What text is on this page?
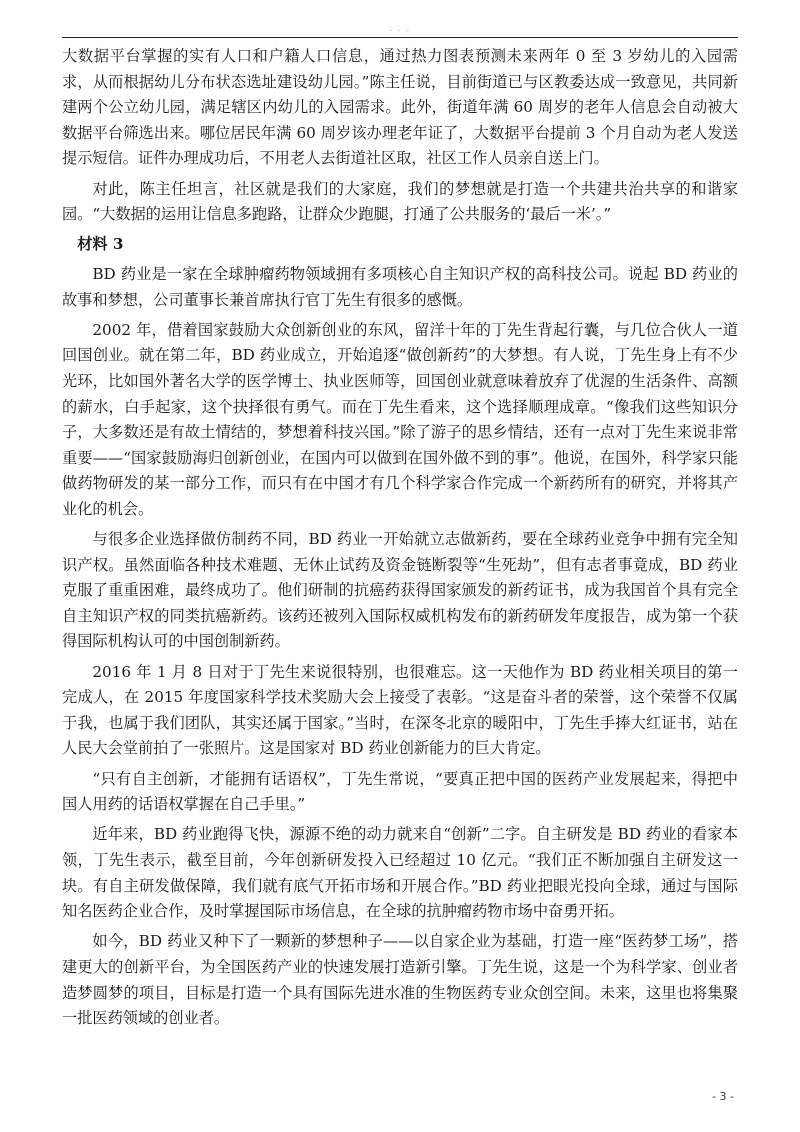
- - -

大数据平台掌握的实有人口和户籍人口信息，通过热力图表预测未来两年 0 至 3 岁幼儿的入园需求，从而根据幼儿分布状态选址建设幼儿园。”陈主任说，目前街道已与区教委达成一致意见，共同新建两个公立幼儿园，满足辖区内幼儿的入园需求。此外，街道年满 60 周岁的老年人信息会自动被大数据平台筛选出来。哪位居民年满 60 周岁该办理老年证了，大数据平台提前 3 个月自动为老人发送提示短信。证件办理成功后，不用老人去街道社区取，社区工作人员亲自送上门。

对此，陈主任坦言，社区就是我们的大家庭，我们的梦想就是打造一个共建共治共享的和谐家园。“大数据的运用让信息多跑路，让群众少跑腿，打通了公共服务的‘最后一米’。”

材料 3

BD 药业是一家在全球肿瘤药物领域拥有多项核心自主知识产权的高科技公司。说起 BD 药业的故事和梦想，公司董事长兼首席执行官丁先生有很多的感慨。

2002 年，借着国家鼓励大众创新创业的东风，留洋十年的丁先生背起行囊，与几位合伙人一道回国创业。就在第二年，BD 药业成立，开始追逐“做创新药”的大梦想。有人说，丁先生身上有不少光环，比如国外著名大学的医学博士、执业医师等，回国创业就意味着放弃了优渥的生活条件、高额的薪水，白手起家，这个抉择很有勇气。而在丁先生看来，这个选择顺理成章。“像我们这些知识分子，大多数还是有故土情结的，梦想着科技兴国。”除了游子的思乡情结，还有一点对丁先生来说非常重要——“国家鼓励海归创新创业，在国内可以做到在国外做不到的事”。他说，在国外，科学家只能做药物研发的某一部分工作，而只有在中国才有几个科学家合作完成一个新药所有的研究，并将其产业化的机会。

与很多企业选择做仿制药不同，BD 药业一开始就立志做新药，要在全球药业竞争中拥有完全知识产权。虽然面临各种技术难题、无休止试药及资金链断裂等“生死劫”，但有志者事竟成，BD 药业克服了重重困难，最终成功了。他们研制的抗癌药获得国家颁发的新药证书，成为我国首个具有完全自主知识产权的同类抗癌新药。该药还被列入国际权威机构发布的新药研发年度报告，成为第一个获得国际机构认可的中国创制新药。

2016 年 1 月 8 日对于丁先生来说很特别，也很难忘。这一天他作为 BD 药业相关项目的第一完成人，在 2015 年度国家科学技术奖励大会上接受了表彰。“这是奋斗者的荣誉，这个荣誉不仅属于我，也属于我们团队，其实还属于国家。”当时，在深冬北京的暖阳中，丁先生手捧大红证书，站在人民大会堂前拍了一张照片。这是国家对 BD 药业创新能力的巨大肯定。

“只有自主创新，才能拥有话语权”，丁先生常说，“要真正把中国的医药产业发展起来，得把中国人用药的话语权掌握在自己手里。”

近年来，BD 药业跑得飞快，源源不绝的动力就来自“创新”二字。自主研发是 BD 药业的看家本领，丁先生表示，截至目前，今年创新研发投入已经超过 10 亿元。“我们正不断加强自主研发这一块。有自主研发做保障，我们就有底气开拓市场和开展合作。”BD 药业把眼光投向全球，通过与国际知名医药企业合作，及时掌握国际市场信息，在全球的抗肿瘤药物市场中奋勇开拓。

如今，BD 药业又种下了一颗新的梦想种子——以自家企业为基础，打造一座“医药梦工场”，搭建更大的创新平台，为全国医药产业的快速发展打造新引擎。丁先生说，这是一个为科学家、创业者造梦圆梦的项目，目标是打造一个具有国际先进水准的生物医药专业众创空间。未来，这里也将集聚一批医药领域的创业者。

- 3 -
